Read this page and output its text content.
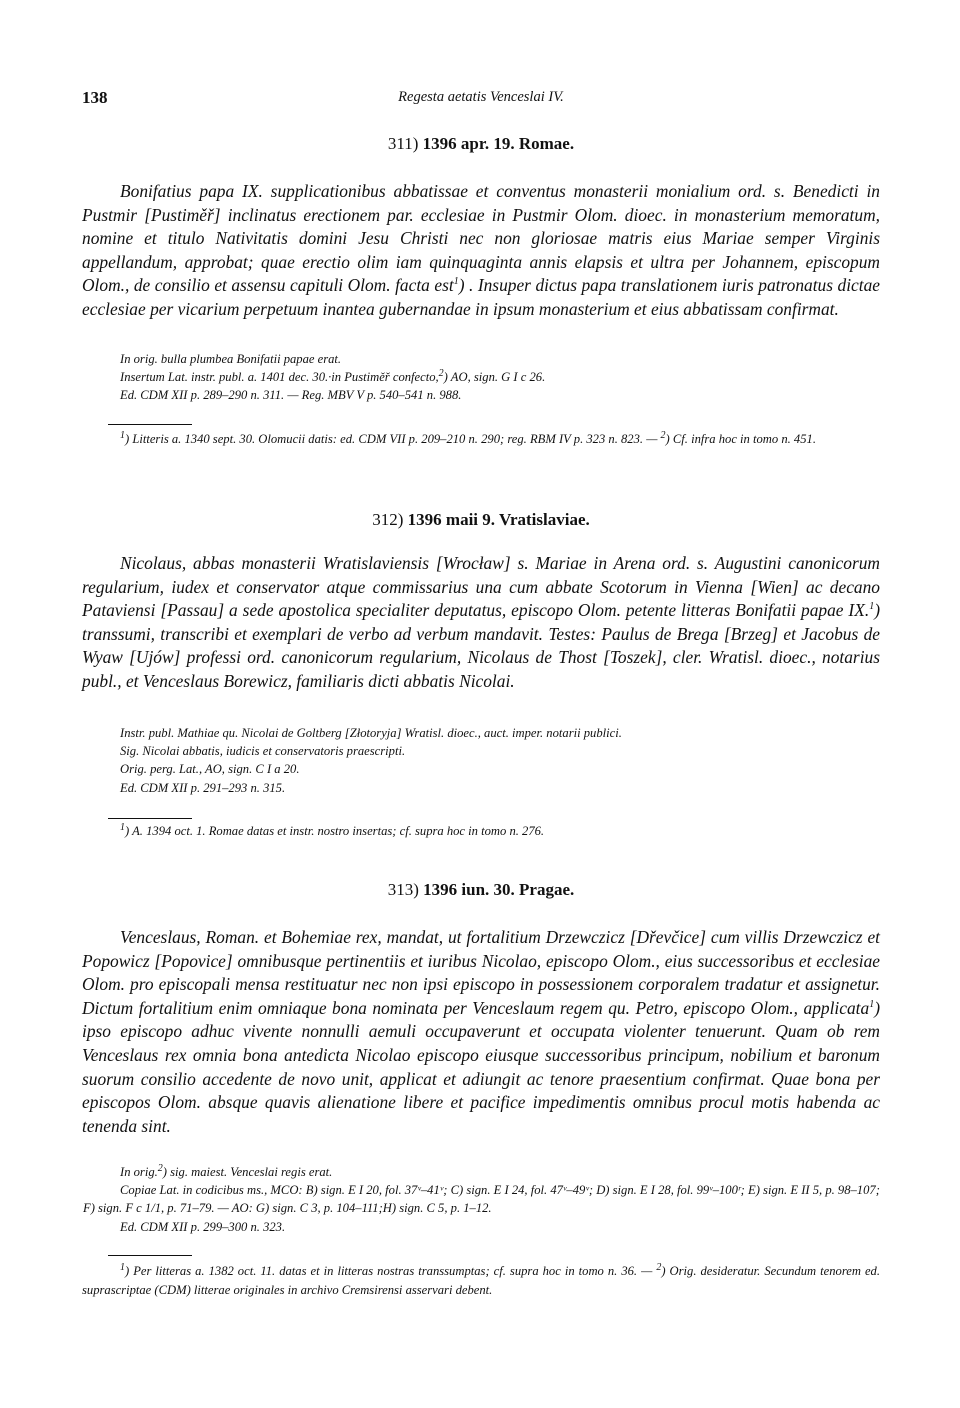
138	Regesta aetatis Venceslai IV.
311) 1396 apr. 19. Romae.

Bonifatius papa IX. supplicationibus abbatissae et conventus monasterii monialium ord. s. Benedicti in Pustmir [Pustiměř] inclinatus erectionem par. ecclesiae in Pustmir Olom. dioec. in monasterium memoratum, nomine et titulo Nativitatis domini Jesu Christi nec non gloriosae matris eius Mariae semper Virginis appellandum, approbat; quae erectio olim iam quinquaginta annis elapsis et ultra per Johannem, episcopum Olom., de consilio et assensu capituli Olom. facta est$^1$) . Insuper dictus papa translationem iuris patronatus dictae ecclesiae per vicarium perpetuum inantea gubernandae in ipsum monasterium et eius abbatissam confirmat.

In orig. bulla plumbea Bonifatii papae erat.
Insertum Lat. instr. publ. a. 1401 dec. 30.·in Pustiměř confecto,$^2$) AO, sign. G I c 26.
Ed. CDM XII p. 289–290 n. 311. — Reg. MBV V p. 540–541 n. 988.
$^1$) Litteris a. 1340 sept. 30. Olomucii datis: ed. CDM VII p. 209–210 n. 290; reg. RBM IV p. 323 n. 823. — $^2$) Cf. infra hoc in tomo n. 451.
312) 1396 maii 9. Vratislaviae.

Nicolaus, abbas monasterii Wratislaviensis [Wrocław] s. Mariae in Arena ord. s. Augustini canonicorum regularium, iudex et conservator atque commissarius una cum abbate Scotorum in Vienna [Wien] ac decano Pataviensi [Passau] a sede apostolica specialiter deputatus, episcopo Olom. petente litteras Bonifatii papae IX.$^1$) transsumi, transcribi et exemplari de verbo ad verbum mandavit. Testes: Paulus de Brega [Brzeg] et Jacobus de Wyaw [Ujów] professi ord. canonicorum regularium, Nicolaus de Thost [Toszek], cler. Wratisl. dioec., notarius publ., et Venceslaus Borewicz, familiaris dicti abbatis Nicolai.

Instr. publ. Mathiae qu. Nicolai de Goltberg [Złotoryja] Wratisl. dioec., auct. imper. notarii publici.
Sig. Nicolai abbatis, iudicis et conservatoris praescripti.
Orig. perg. Lat., AO, sign. C I a 20.
Ed. CDM XII p. 291–293 n. 315.
$^1$) A. 1394 oct. 1. Romae datas et instr. nostro insertas; cf. supra hoc in tomo n. 276.
313) 1396 iun. 30. Pragae.

Venceslaus, Roman. et Bohemiae rex, mandat, ut fortalitium Drzewczicz [Dřevčice] cum villis Drzewczicz et Popowicz [Popovice] omnibusque pertinentiis et iuribus Nicolao, episcopo Olom., eius successoribus et ecclesiae Olom. pro episcopali mensa restituatur nec non ipsi episcopo in possessionem corporalem tradatur et assignetur. Dictum fortalitium enim omniaque bona nominata per Venceslaum regem qu. Petro, episcopo Olom., applicata$^1$) ipso episcopo adhuc vivente nonnulli aemuli occupaverunt et occupata violenter tenuerunt. Quam ob rem Venceslaus rex omnia bona antedicta Nicolao episcopo eiusque successoribus principum, nobilium et baronum suorum consilio accedente de novo unit, applicat et adiungit ac tenore praesentium confirmat. Quae bona per episcopos Olom. absque quavis alienatione libere et pacifice impedimentis omnibus procul motis habenda ac tenenda sint.

In orig.$^2$) sig. maiest. Venceslai regis erat.
Copiae Lat. in codicibus ms., MCO: B) sign. E I 20, fol. 37ᵛ–41ᵛ; C) sign. E I 24, fol. 47ᵛ–49ᵛ; D) sign. E I 28, fol. 99ᵛ–100ʳ; E) sign. E II 5, p. 98–107; F) sign. F c 1/1, p. 71–79. — AO: G) sign. C 3, p. 104–111;H) sign. C 5, p. 1–12.
Ed. CDM XII p. 299–300 n. 323.
$^1$) Per litteras a. 1382 oct. 11. datas et in litteras nostras transsumptas; cf. supra hoc in tomo n. 36. — $^2$) Orig. desideratur. Secundum tenorem ed. suprascriptae (CDM) litterae originales in archivo Cremsirensi asservari debent.
